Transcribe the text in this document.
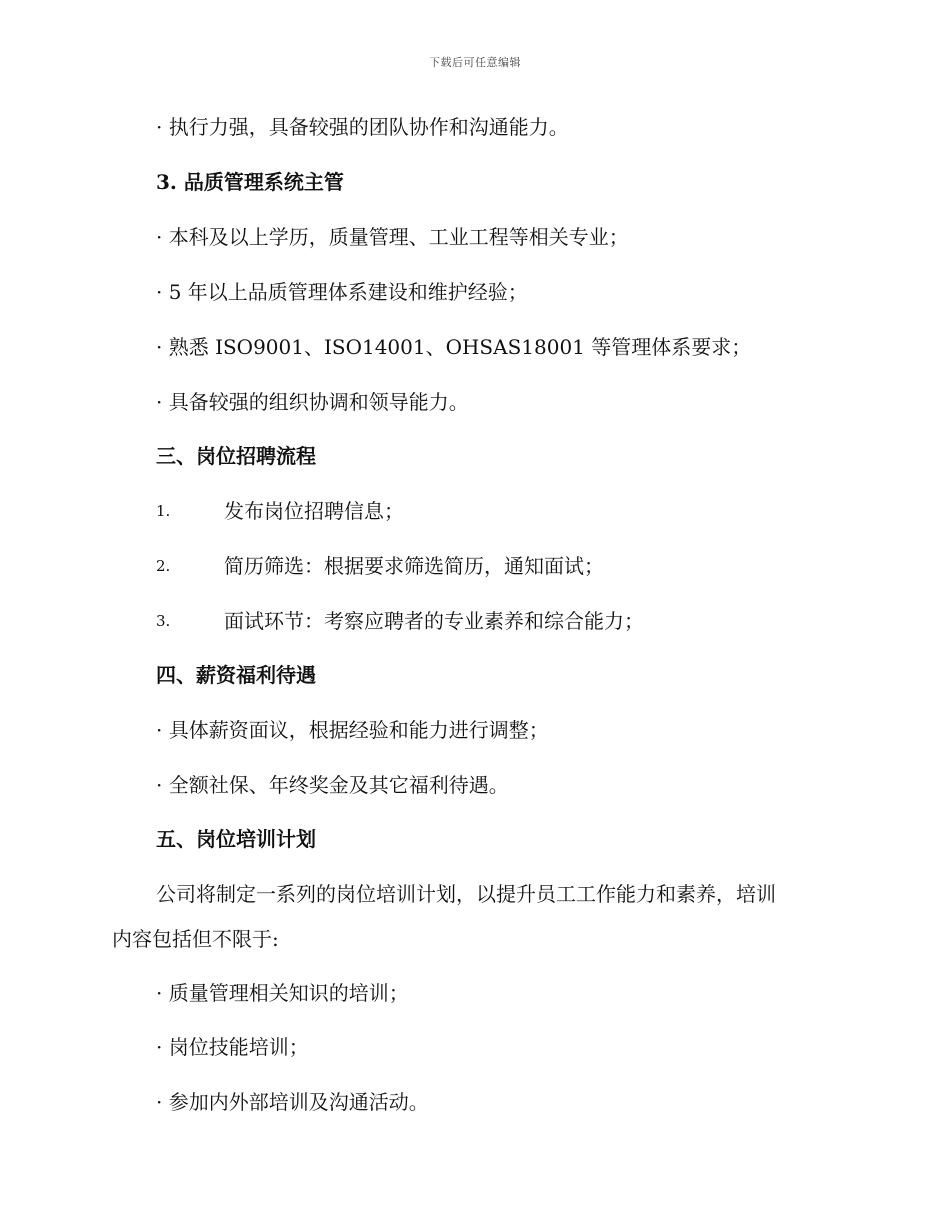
下载后可任意编辑
· 执行力强，具备较强的团队协作和沟通能力。
3. 品质管理系统主管
· 本科及以上学历，质量管理、工业工程等相关专业；
· 5 年以上品质管理体系建设和维护经验；
· 熟悉 ISO9001、ISO14001、OHSAS18001 等管理体系要求；
· 具备较强的组织协调和领导能力。
三、岗位招聘流程
1.	发布岗位招聘信息；
2.	简历筛选：根据要求筛选简历，通知面试；
3.	面试环节：考察应聘者的专业素养和综合能力；
四、薪资福利待遇
· 具体薪资面议，根据经验和能力进行调整；
· 全额社保、年终奖金及其它福利待遇。
五、岗位培训计划
公司将制定一系列的岗位培训计划，以提升员工工作能力和素养，培训
内容包括但不限于:
· 质量管理相关知识的培训；
· 岗位技能培训；
· 参加内外部培训及沟通活动。
